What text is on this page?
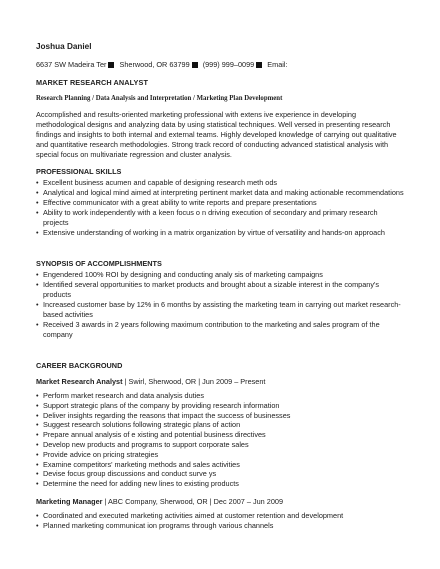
Joshua Daniel
6637 SW Madeira Ter Sherwood, OR 63799 (999) 999–0099 Email:
MARKET RESEARCH ANALYST
Research Planning / Data Analysis and Interpretation / Marketing Plan Development
Accomplished and results-oriented marketing professional with extens ive experience in developing methodological designs and analyzing data by using statistical techniques. Well versed in presenting research findings and insights to both internal and external teams. Highly developed knowledge of carrying out qualitative and quantitative research methodologies. Strong track record of conducting advanced statistical analysis with special focus on multivariate regression and cluster analysis.
PROFESSIONAL SKILLS
• Excellent business acumen and capable of designing research meth ods
• Analytical and logical mind aimed at interpreting pertinent market data and making actionable recommendations
• Effective communicator with a great ability to write reports and prepare presentations
• Ability to work independently with a keen focus o n driving execution of secondary and primary research projects
• Extensive understanding of working in a matrix organization by virtue of versatility and hands-on approach
SYNOPSIS OF ACCOMPLISHMENTS
• Engendered 100% ROI by designing and conducting analy sis of marketing campaigns
• Identified several opportunities to market products and brought about a sizable interest in the company's products
• Increased customer base by 12% in 6 months by assisting the marketing team in carrying out market research-based activities
• Received 3 awards in 2 years following maximum contribution to the marketing and sales program of the company
CAREER BACKGROUND
Market Research Analyst | Swirl, Sherwood, OR | Jun 2009 – Present
• Perform market research and data analysis duties
• Support strategic plans of the company by providing research information
• Deliver insights regarding the reasons that impact the success of businesses
• Suggest research solutions following strategic plans of action
• Prepare annual analysis of e xisting and potential business directives
• Develop new products and programs to support corporate sales
• Provide advice on pricing strategies
• Examine competitors' marketing methods and sales activities
• Devise focus group discussions and conduct surve ys
• Determine the need for adding new lines to existing products
Marketing Manager | ABC Company, Sherwood, OR | Dec 2007 – Jun 2009
• Coordinated and executed marketing activities aimed at customer retention and development
• Planned marketing communicat ion programs through various channels
